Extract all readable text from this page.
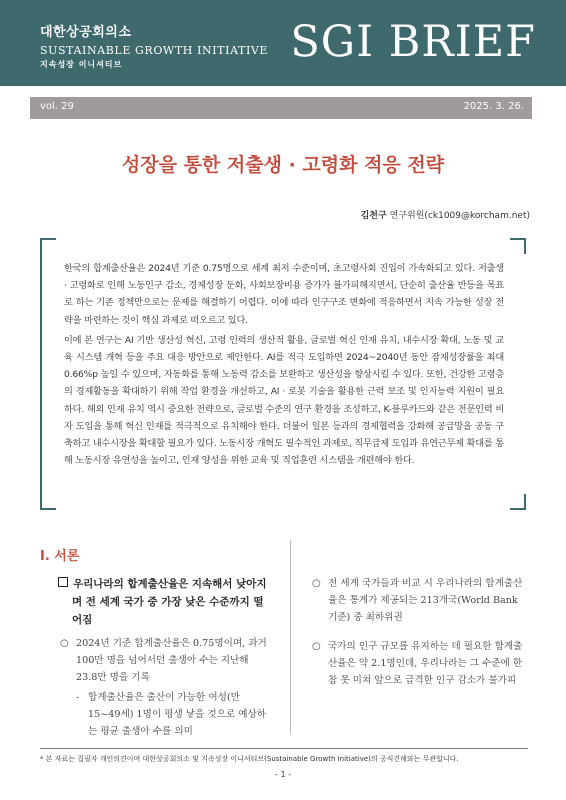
대한상공회의소
SUSTAINABLE GROWTH INITIATIVE
지속성장 이니셔티브	SGI BRIEF
vol. 29	2025. 3. 26.
성장을 통한 저출생 · 고령화 적응 전략
김천구 연구위원(ck1009@korcham.net)

한국의 합계출산율은 2024년 기준 0.75명으로 세계 최저 수준이며, 초고령사회 진입이 가속화되고 있다. 저출생 · 고령화로 인해 노동인구 감소, 경제성장 둔화, 사회보장비용 증가가 불가피해지면서, 단순히 출산율 반등을 목표로 하는 기존 정책만으로는 문제를 해결하기 어렵다. 이에 따라 인구구조 변화에 적응하면서 지속 가능한 성장 전략을 마련하는 것이 핵심 과제로 떠오르고 있다.

이에 본 연구는 AI 기반 생산성 혁신, 고령 인력의 생산적 활용, 글로벌 혁신 인재 유치, 내수시장 확대, 노동 및 교육 시스템 개혁 등을 주요 대응 방안으로 제안한다. AI를 적극 도입하면 2024~2040년 동안 잠재성장률을 최대 0.66%p 높일 수 있으며, 자동화를 통해 노동력 감소를 보완하고 생산성을 향상시킬 수 있다. 또한, 건강한 고령층의 경제활동을 확대하기 위해 작업 환경을 개선하고, AI · 로봇 기술을 활용한 근력 보조 및 인지능력 지원이 필요하다. 해외 인재 유치 역시 중요한 전략으로, 글로벌 수준의 연구 환경을 조성하고, K-블루카드와 같은 전문인력 비자 도입을 통해 혁신 인재를 적극적으로 유치해야 한다. 더불어 일본 등과의 경제협력을 강화해 공급망을 공동 구축하고 내수시장을 확대할 필요가 있다. 노동시장 개혁도 필수적인 과제로, 직무급제 도입과 유연근무제 확대를 통해 노동시장 유연성을 높이고, 인재 양성을 위한 교육 및 직업훈련 시스템을 개편해야 한다.

Ⅰ. 서론
우리나라의 합계출산율은 지속해서 낮아지며 전 세계 국가 중 가장 낮은 수준까지 떨어짐
○ 2024년 기준 합계출산율은 0.75명이며, 과거 100만 명을 넘어서던 출생아 수는 지난해 23.8만 명을 기록
- 합계출산율은 출산이 가능한 여성(만 15~49세) 1명이 평생 낳을 것으로 예상하는 평균 출생아 수를 의미
○ 전 세계 국가들과 비교 시 우리나라의 합계출산율은 통계가 제공되는 213개국(World Bank 기준) 중 최하위권
○ 국가의 인구 규모를 유지하는 데 필요한 합계출산율은 약 2.1명인데, 우리나라는 그 수준에 한참 못 미쳐 앞으로 급격한 인구 감소가 불가피
* 본 자료는 집필자 개인의견이며 대한상공회의소 및 지속성장 이니셔티브(Sustainable Growth Initiative)의 공식견해와는 무관합니다.
- 1 -
